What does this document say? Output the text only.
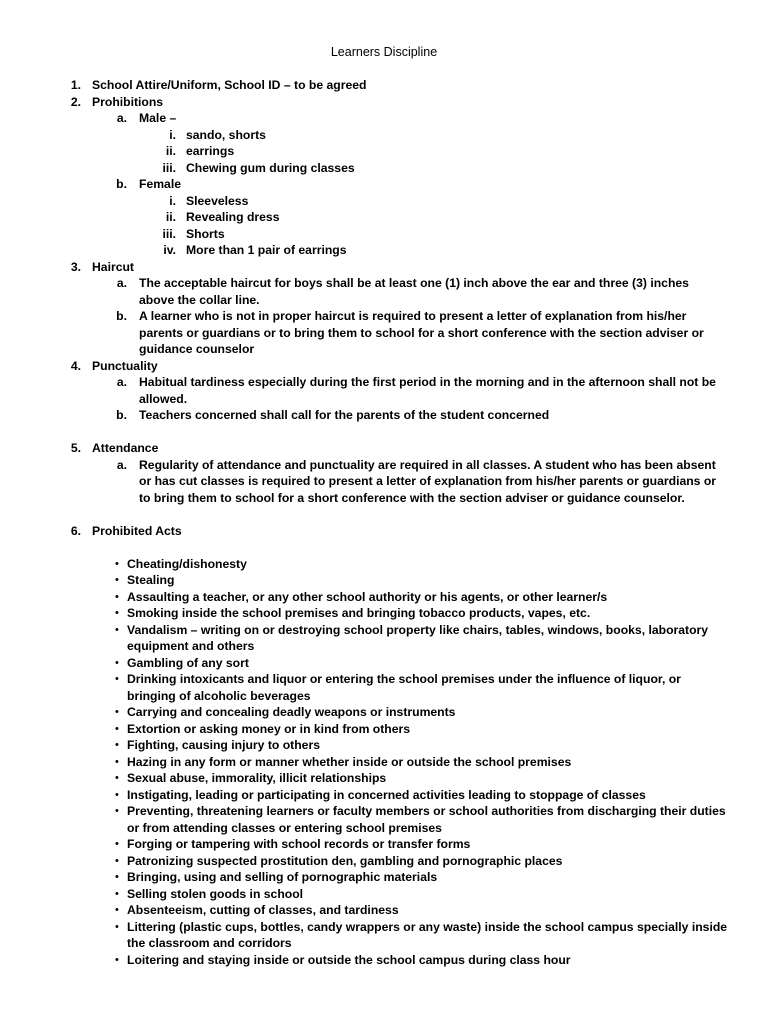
Learners Discipline
1. School Attire/Uniform, School ID – to be agreed
2. Prohibitions
a. Male –
i. sando, shorts
ii. earrings
iii. Chewing gum during classes
b. Female
i. Sleeveless
ii. Revealing dress
iii. Shorts
iv. More than 1 pair of earrings
3. Haircut
a. The acceptable haircut for boys shall be at least one (1) inch above the ear and three (3) inches
above the collar line.
b. A learner who is not in proper haircut is required to present a letter of explanation from his/her
parents or guardians or to bring them to school for a short conference with the section adviser or
guidance counselor
4. Punctuality
a. Habitual tardiness especially during the first period in the morning and in the afternoon shall not be
allowed.
b. Teachers concerned shall call for the parents of the student concerned
5. Attendance
a. Regularity of attendance and punctuality are required in all classes. A student who has been absent
or has cut classes is required to present a letter of explanation from his/her parents or guardians or
to bring them to school for a short conference with the section adviser or guidance counselor.
6. Prohibited Acts
• Cheating/dishonesty
• Stealing
• Assaulting a teacher, or any other school authority or his agents, or other learner/s
• Smoking inside the school premises and bringing tobacco products, vapes, etc.
• Vandalism – writing on or destroying school property like chairs, tables, windows, books, laboratory
equipment and others
• Gambling of any sort
• Drinking intoxicants and liquor or entering the school premises under the influence of liquor, or
bringing of alcoholic beverages
• Carrying and concealing deadly weapons or instruments
• Extortion or asking money or in kind from others
• Fighting, causing injury to others
• Hazing in any form or manner whether inside or outside the school premises
• Sexual abuse, immorality, illicit relationships
• Instigating, leading or participating in concerned activities leading to stoppage of classes
• Preventing, threatening learners or faculty members or school authorities from discharging their duties
or from attending classes or entering school premises
• Forging or tampering with school records or transfer forms
• Patronizing suspected prostitution den, gambling and pornographic places
• Bringing, using and selling of pornographic materials
• Selling stolen goods in school
• Absenteeism, cutting of classes, and tardiness
• Littering (plastic cups, bottles, candy wrappers or any waste) inside the school campus specially inside
the classroom and corridors
• Loitering and staying inside or outside the school campus during class hour
